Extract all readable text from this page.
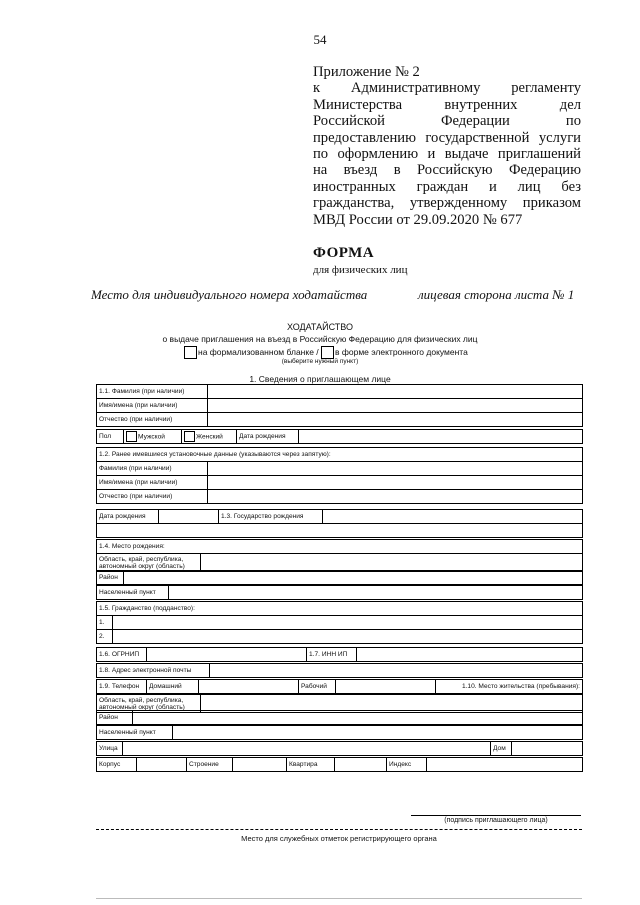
54
Приложение № 2
к Административному регламенту
Министерства внутренних дел
Российской Федерации по
предоставлению государственной услуги
по оформлению и выдаче приглашений
на въезд в Российскую Федерацию
иностранных граждан и лиц без
гражданства, утвержденному приказом
МВД России от 29.09.2020 № 677
ФОРМА
для физических лиц
Место для индивидуального номера ходатайства	лицевая сторона листа № 1
ХОДАТАЙСТВО
о выдаче приглашения на въезд в Российскую Федерацию для физических лиц
на формализованном бланке / в форме электронного документа
(выберите нужный пункт)
1. Сведения о приглашающем лице
1.1. Фамилия (при наличии)	
Имя/имена (при наличии)	
Отчество (при наличии)	
Пол	Мужской	Женский	Дата рождения	
1.2. Ранее имевшиеся установочные данные (указываются через запятую):	
Фамилия (при наличии)	
Имя/имена (при наличии)	
Отчество (при наличии)	
Дата рождения		1.3. Государство рождения	

1.4. Место рождения:
Область, край, республика, автономный округ (область)	
Район	
Населенный пункт	
1.5. Гражданство (подданство):	
1.	
2.	
1.6. ОГРНИП		1.7. ИНН ИП	
1.8. Адрес электронной почты	
1.9. Телефон	Домашний		Рабочий		1.10. Место жительства (пребывания):
Область, край, республика, автономный округ (область)	
Район	
Населенный пункт	
Улица		Дом	
Корпус		Строение		Квартира		Индекс	
(подпись приглашающего лица)
Место для служебных отметок регистрирующего органа
